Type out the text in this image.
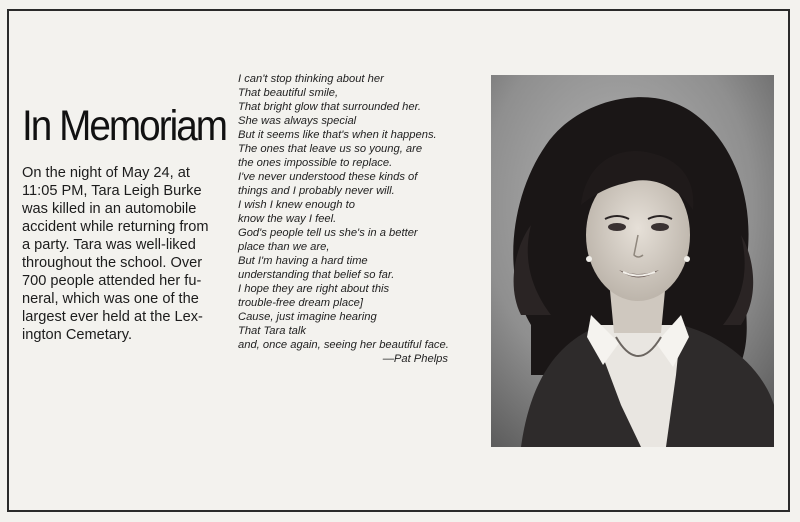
In Memoriam

On the night of May 24, at
11:05 PM, Tara Leigh Burke
was killed in an automobile
accident while returning from
a party. Tara was well-liked
throughout the school. Over
700 people attended her fu-
neral, which was one of the
largest ever held at the Lex-
ington Cemetary.

I can't stop thinking about her
That beautiful smile,
That bright glow that surrounded her.
She was always special
But it seems like that's when it happens.
The ones that leave us so young, are
the ones impossible to replace.
I've never understood these kinds of
things and I probably never will.
I wish I knew enough to
know the way I feel.
God's people tell us she's in a better
place than we are,
But I'm having a hard time
understanding that belief so far.
I hope they are right about this
trouble-free dream place]
Cause, just imagine hearing
That Tara talk
and, once again, seeing her beautiful face.
—Pat Phelps
